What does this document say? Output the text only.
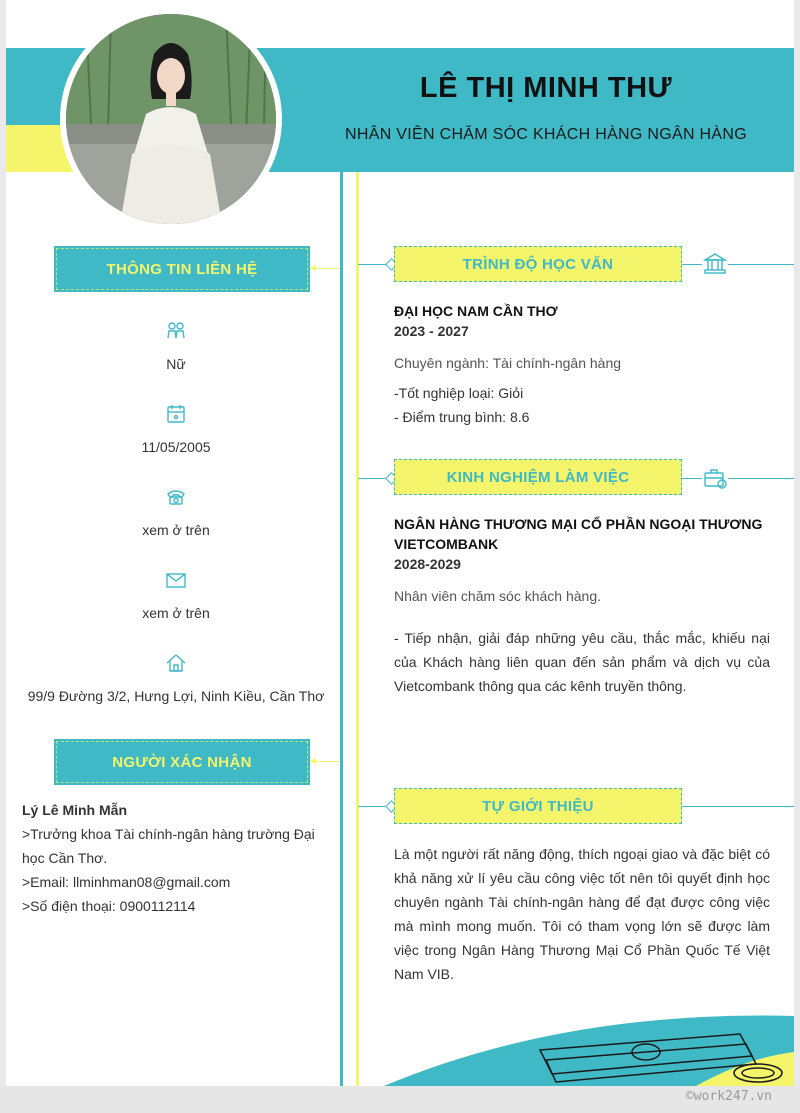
LÊ THỊ MINH THƯ
NHÂN VIÊN CHĂM SÓC KHÁCH HÀNG NGÂN HÀNG
THÔNG TIN LIÊN HỆ
Nữ
11/05/2005
xem ở trên
xem ở trên
99/9 Đường 3/2, Hưng Lợi, Ninh Kiều, Cần Thơ
NGƯỜI XÁC NHẬN
Lý Lê Minh Mẫn
>Trưởng khoa Tài chính-ngân hàng trường Đại học Cần Thơ.
>Email: llminhman08@gmail.com
>Số điện thoại: 0900112114
TRÌNH ĐỘ HỌC VẤN
ĐẠI HỌC NAM CẦN THƠ
2023 - 2027
Chuyên ngành: Tài chính-ngân hàng
-Tốt nghiệp loại: Giỏi
- Điểm trung bình: 8.6
KINH NGHIỆM LÀM VIỆC
NGÂN HÀNG THƯƠNG MẠI CỔ PHẦN NGOẠI THƯƠNG VIETCOMBANK
2028-2029
Nhân viên chăm sóc khách hàng.
- Tiếp nhận, giải đáp những yêu cầu, thắc mắc, khiếu nại của Khách hàng liên quan đến sản phẩm và dịch vụ của Vietcombank thông qua các kênh truyền thông.
TỰ GIỚI THIỆU
Là một người rất năng động, thích ngoại giao và đặc biệt có khả năng xử lí yêu cầu công việc tốt nên tôi quyết định học chuyên ngành Tài chính-ngân hàng để đạt được công việc mà mình mong muốn. Tôi có tham vọng lớn sẽ được làm việc trong Ngân Hàng Thương Mại Cổ Phần Quốc Tế Việt Nam VIB.
©work247.vn
